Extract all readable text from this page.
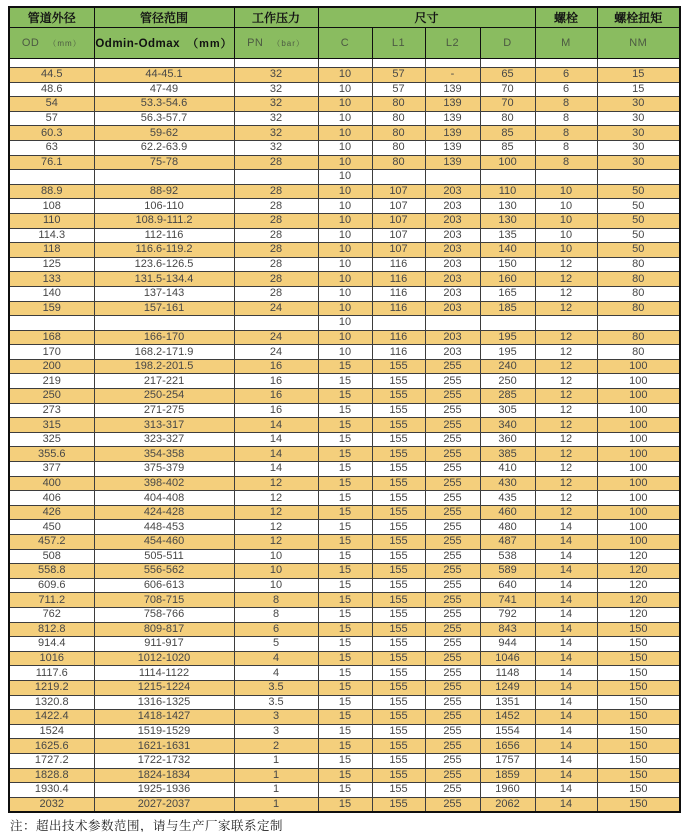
管道外径	管径范围	工作压力	尺寸				螺栓	螺栓扭矩
OD （mm）	Odmin-Odmax （mm）	PN （bar）	C	L1	L2	D	M	NM

44.5	44-45.1	32	10	57	-	65	6	15
48.6	47-49	32	10	57	139	70	6	15
54	53.3-54.6	32	10	80	139	70	8	30
57	56.3-57.7	32	10	80	139	80	8	30
60.3	59-62	32	10	80	139	85	8	30
63	62.2-63.9	32	10	80	139	85	8	30
76.1	75-78	28	10	80	139	100	8	30
			10					
88.9	88-92	28	10	107	203	110	10	50
108	106-110	28	10	107	203	130	10	50
110	108.9-111.2	28	10	107	203	130	10	50
114.3	112-116	28	10	107	203	135	10	50
118	116.6-119.2	28	10	107	203	140	10	50
125	123.6-126.5	28	10	116	203	150	12	80
133	131.5-134.4	28	10	116	203	160	12	80
140	137-143	28	10	116	203	165	12	80
159	157-161	24	10	116	203	185	12	80
			10					
168	166-170	24	10	116	203	195	12	80
170	168.2-171.9	24	10	116	203	195	12	80
200	198.2-201.5	16	15	155	255	240	12	100
219	217-221	16	15	155	255	250	12	100
250	250-254	16	15	155	255	285	12	100
273	271-275	16	15	155	255	305	12	100
315	313-317	14	15	155	255	340	12	100
325	323-327	14	15	155	255	360	12	100
355.6	354-358	14	15	155	255	385	12	100
377	375-379	14	15	155	255	410	12	100
400	398-402	12	15	155	255	430	12	100
406	404-408	12	15	155	255	435	12	100
426	424-428	12	15	155	255	460	12	100
450	448-453	12	15	155	255	480	14	100
457.2	454-460	12	15	155	255	487	14	100
508	505-511	10	15	155	255	538	14	120
558.8	556-562	10	15	155	255	589	14	120
609.6	606-613	10	15	155	255	640	14	120
711.2	708-715	8	15	155	255	741	14	120
762	758-766	8	15	155	255	792	14	120
812.8	809-817	6	15	155	255	843	14	150
914.4	911-917	5	15	155	255	944	14	150
1016	1012-1020	4	15	155	255	1046	14	150
1117.6	1114-1122	4	15	155	255	1148	14	150
1219.2	1215-1224	3.5	15	155	255	1249	14	150
1320.8	1316-1325	3.5	15	155	255	1351	14	150
1422.4	1418-1427	3	15	155	255	1452	14	150
1524	1519-1529	3	15	155	255	1554	14	150
1625.6	1621-1631	2	15	155	255	1656	14	150
1727.2	1722-1732	1	15	155	255	1757	14	150
1828.8	1824-1834	1	15	155	255	1859	14	150
1930.4	1925-1936	1	15	155	255	1960	14	150
2032	2027-2037	1	15	155	255	2062	14	150
注：超出技术参数范围，请与生产厂家联系定制
